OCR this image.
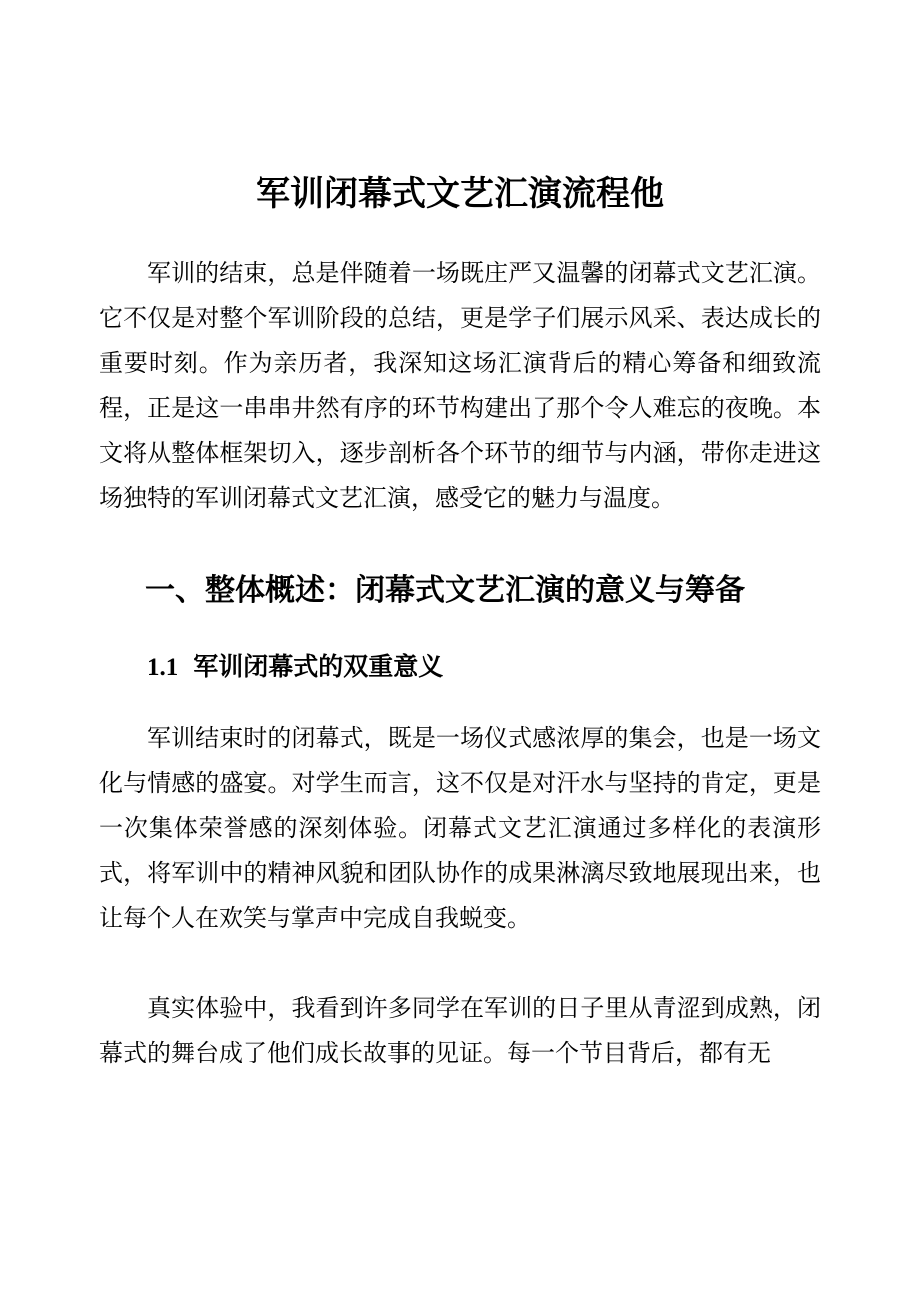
军训闭幕式文艺汇演流程他

军训的结束，总是伴随着一场既庄严又温馨的闭幕式文艺汇演。它不仅是对整个军训阶段的总结，更是学子们展示风采、表达成长的重要时刻。作为亲历者，我深知这场汇演背后的精心筹备和细致流程，正是这一串串井然有序的环节构建出了那个令人难忘的夜晚。本文将从整体框架切入，逐步剖析各个环节的细节与内涵，带你走进这场独特的军训闭幕式文艺汇演，感受它的魅力与温度。

一、整体概述：闭幕式文艺汇演的意义与筹备
1.1 军训闭幕式的双重意义

军训结束时的闭幕式，既是一场仪式感浓厚的集会，也是一场文化与情感的盛宴。对学生而言，这不仅是对汗水与坚持的肯定，更是一次集体荣誉感的深刻体验。闭幕式文艺汇演通过多样化的表演形式，将军训中的精神风貌和团队协作的成果淋漓尽致地展现出来，也让每个人在欢笑与掌声中完成自我蜕变。

真实体验中，我看到许多同学在军训的日子里从青涩到成熟，闭幕式的舞台成了他们成长故事的见证。每一个节目背后，都有无
